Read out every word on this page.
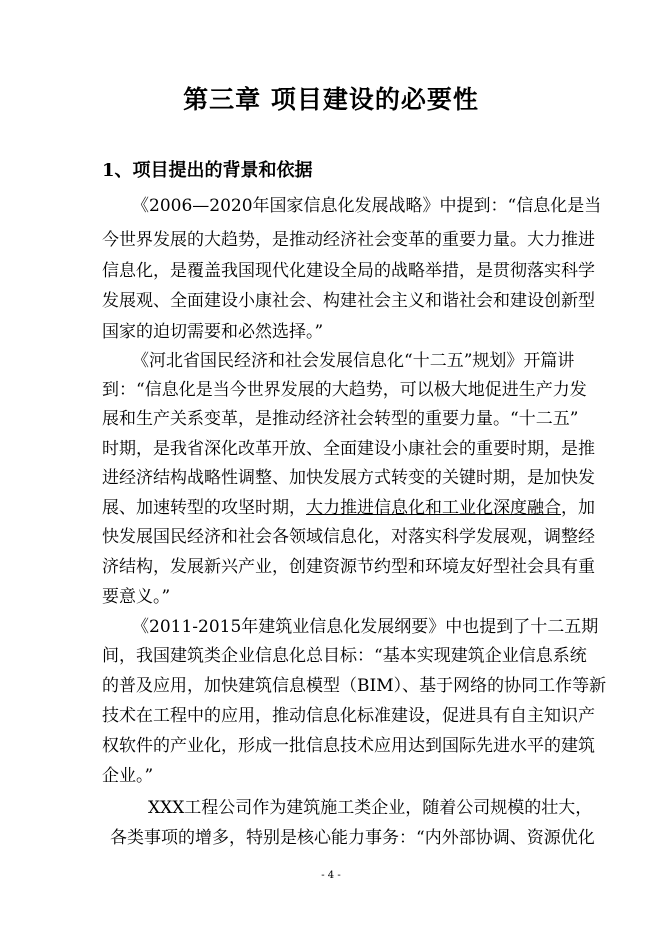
第三章 项目建设的必要性
1、项目提出的背景和依据

《2006—2020年国家信息化发展战略》中提到：“信息化是当

今世界发展的大趋势，是推动经济社会变革的重要力量。大力推进

信息化，是覆盖我国现代化建设全局的战略举措，是贯彻落实科学

发展观、全面建设小康社会、构建社会主义和谐社会和建设创新型

国家的迫切需要和必然选择。”

《河北省国民经济和社会发展信息化“十二五”规划》开篇讲

到：“信息化是当今世界发展的大趋势，可以极大地促进生产力发

展和生产关系变革，是推动经济社会转型的重要力量。“十二五”

时期，是我省深化改革开放、全面建设小康社会的重要时期，是推

进经济结构战略性调整、加快发展方式转变的关键时期，是加快发

展、加速转型的攻坚时期，大力推进信息化和工业化深度融合，加

快发展国民经济和社会各领域信息化，对落实科学发展观，调整经

济结构，发展新兴产业，创建资源节约型和环境友好型社会具有重

要意义。”

《2011-2015年建筑业信息化发展纲要》中也提到了十二五期

间，我国建筑类企业信息化总目标：“基本实现建筑企业信息系统

的普及应用，加快建筑信息模型（BIM）、基于网络的协同工作等新

技术在工程中的应用，推动信息化标准建设，促进具有自主知识产

权软件的产业化，形成一批信息技术应用达到国际先进水平的建筑

企业。”

XXX工程公司作为建筑施工类企业，随着公司规模的壮大，

各类事项的增多，特别是核心能力事务：“内外部协调、资源优化

- 4 -
